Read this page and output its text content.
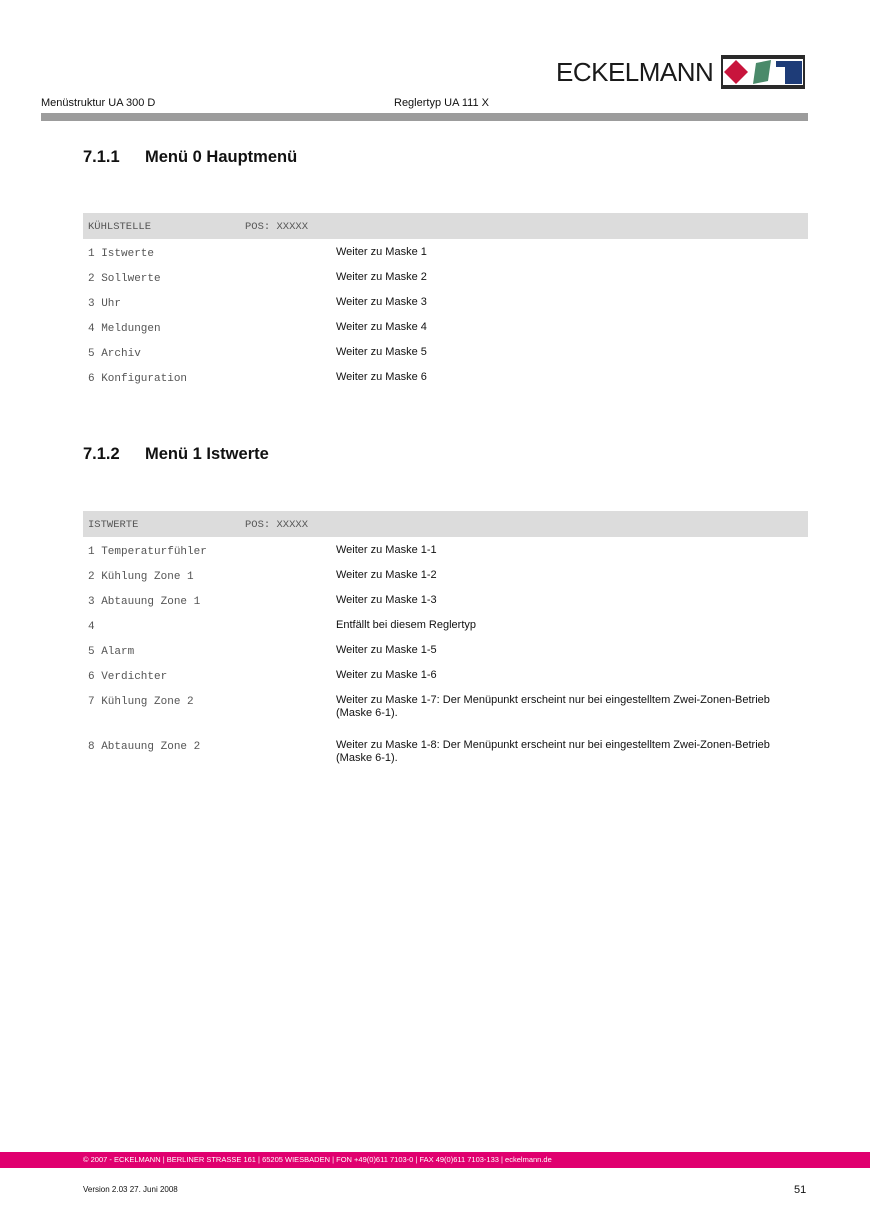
ECKELMANN
Menüstruktur UA 300 D	Reglertyp UA 111 X
7.1.1 Menü 0 Hauptmenü
KÜHLSTELLE	POS: XXXXX
1 Istwerte	Weiter zu Maske 1
2 Sollwerte	Weiter zu Maske 2
3 Uhr	Weiter zu Maske 3
4 Meldungen	Weiter zu Maske 4
5 Archiv	Weiter zu Maske 5
6 Konfiguration	Weiter zu Maske 6
7.1.2 Menü 1 Istwerte
ISTWERTE	POS: XXXXX
1 Temperaturfühler	Weiter zu Maske 1-1
2 Kühlung Zone 1	Weiter zu Maske 1-2
3 Abtauung Zone 1	Weiter zu Maske 1-3
4	Entfällt bei diesem Reglertyp
5 Alarm	Weiter zu Maske 1-5
6 Verdichter	Weiter zu Maske 1-6
7 Kühlung Zone 2	Weiter zu Maske 1-7: Der Menüpunkt erscheint nur bei eingestelltem Zwei-Zonen-Betrieb (Maske 6-1).
8 Abtauung Zone 2	Weiter zu Maske 1-8: Der Menüpunkt erscheint nur bei eingestelltem Zwei-Zonen-Betrieb (Maske 6-1).
© 2007 - ECKELMANN | BERLINER STRASSE 161 | 65205 WIESBADEN | FON +49(0)611 7103-0 | FAX 49(0)611 7103-133 | eckelmann.de
Version 2.03 27. Juni 2008	51
